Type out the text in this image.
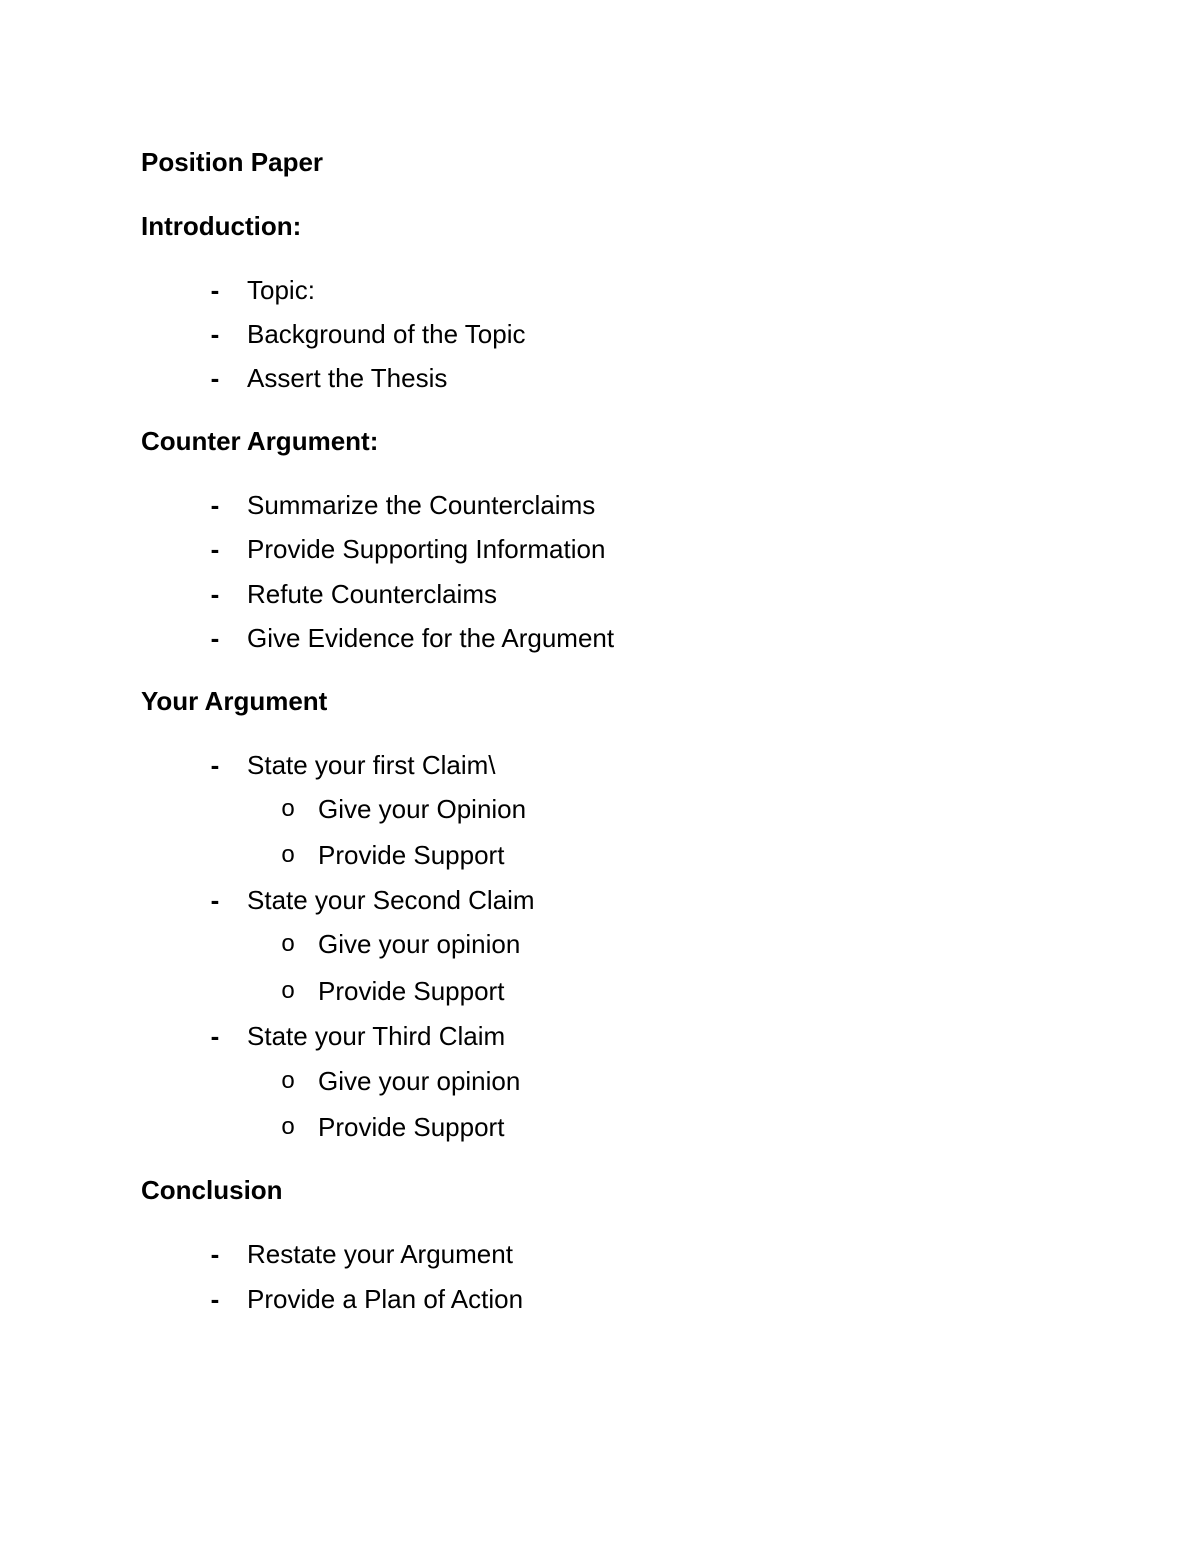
Position Paper
Introduction:
- Topic:
- Background of the Topic
- Assert the Thesis
Counter Argument:
- Summarize the Counterclaims
- Provide Supporting Information
- Refute Counterclaims
- Give Evidence for the Argument
Your Argument
- State your first Claim\
o Give your Opinion
o Provide Support
- State your Second Claim
o Give your opinion
o Provide Support
- State your Third Claim
o Give your opinion
o Provide Support
Conclusion
- Restate your Argument
- Provide a Plan of Action
